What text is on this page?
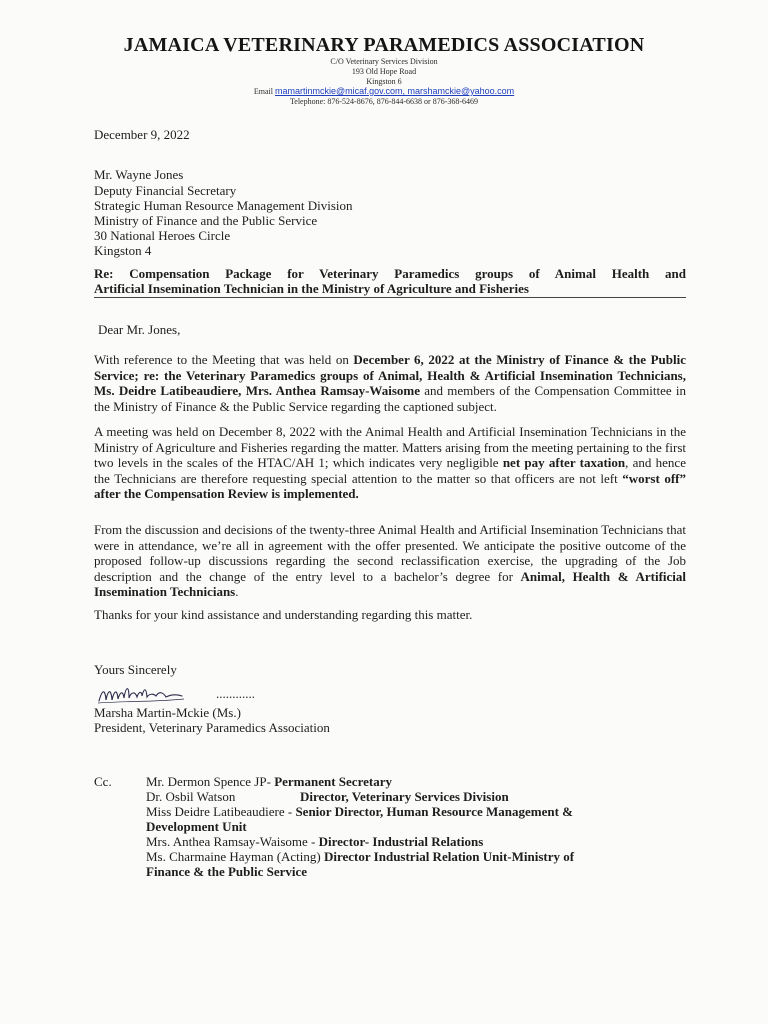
JAMAICA VETERINARY PARAMEDICS ASSOCIATION
C/O Veterinary Services Division
193 Old Hope Road
Kingston 6
Email mamartinmckie@micaf.gov.com, marshamckie@yahoo.com
Telephone: 876-524-8676, 876-844-6638 or 876-368-6469
December 9, 2022
Mr. Wayne Jones
Deputy Financial Secretary
Strategic Human Resource Management Division
Ministry of Finance and the Public Service
30 National Heroes Circle
Kingston 4
Re: Compensation Package for Veterinary Paramedics groups of Animal Health and
Artificial Insemination Technician in the Ministry of Agriculture and Fisheries
Dear Mr. Jones,
With reference to the Meeting that was held on December 6, 2022 at the Ministry of Finance & the Public Service; re: the Veterinary Paramedics groups of Animal, Health & Artificial Insemination Technicians, Ms. Deidre Latibeaudiere, Mrs. Anthea Ramsay-Waisome and members of the Compensation Committee in the Ministry of Finance & the Public Service regarding the captioned subject.
A meeting was held on December 8, 2022 with the Animal Health and Artificial Insemination Technicians in the Ministry of Agriculture and Fisheries regarding the matter. Matters arising from the meeting pertaining to the first two levels in the scales of the HTAC/AH 1; which indicates very negligible net pay after taxation, and hence the Technicians are therefore requesting special attention to the matter so that officers are not left “worst off” after the Compensation Review is implemented.
From the discussion and decisions of the twenty-three Animal Health and Artificial Insemination Technicians that were in attendance, we’re all in agreement with the offer presented. We anticipate the positive outcome of the proposed follow-up discussions regarding the second reclassification exercise, the upgrading of the Job description and the change of the entry level to a bachelor’s degree for Animal, Health & Artificial Insemination Technicians.
Thanks for your kind assistance and understanding regarding this matter.
Yours Sincerely
............
Marsha Martin-Mckie (Ms.)
President, Veterinary Paramedics Association
Cc.	Mr. Dermon Spence JP- Permanent Secretary
Dr. Osbil Watson	Director, Veterinary Services Division
Miss Deidre Latibeaudiere - Senior Director, Human Resource Management &
Development Unit
Mrs. Anthea Ramsay-Waisome - Director- Industrial Relations
Ms. Charmaine Hayman (Acting) Director Industrial Relation Unit-Ministry of
Finance & the Public Service
